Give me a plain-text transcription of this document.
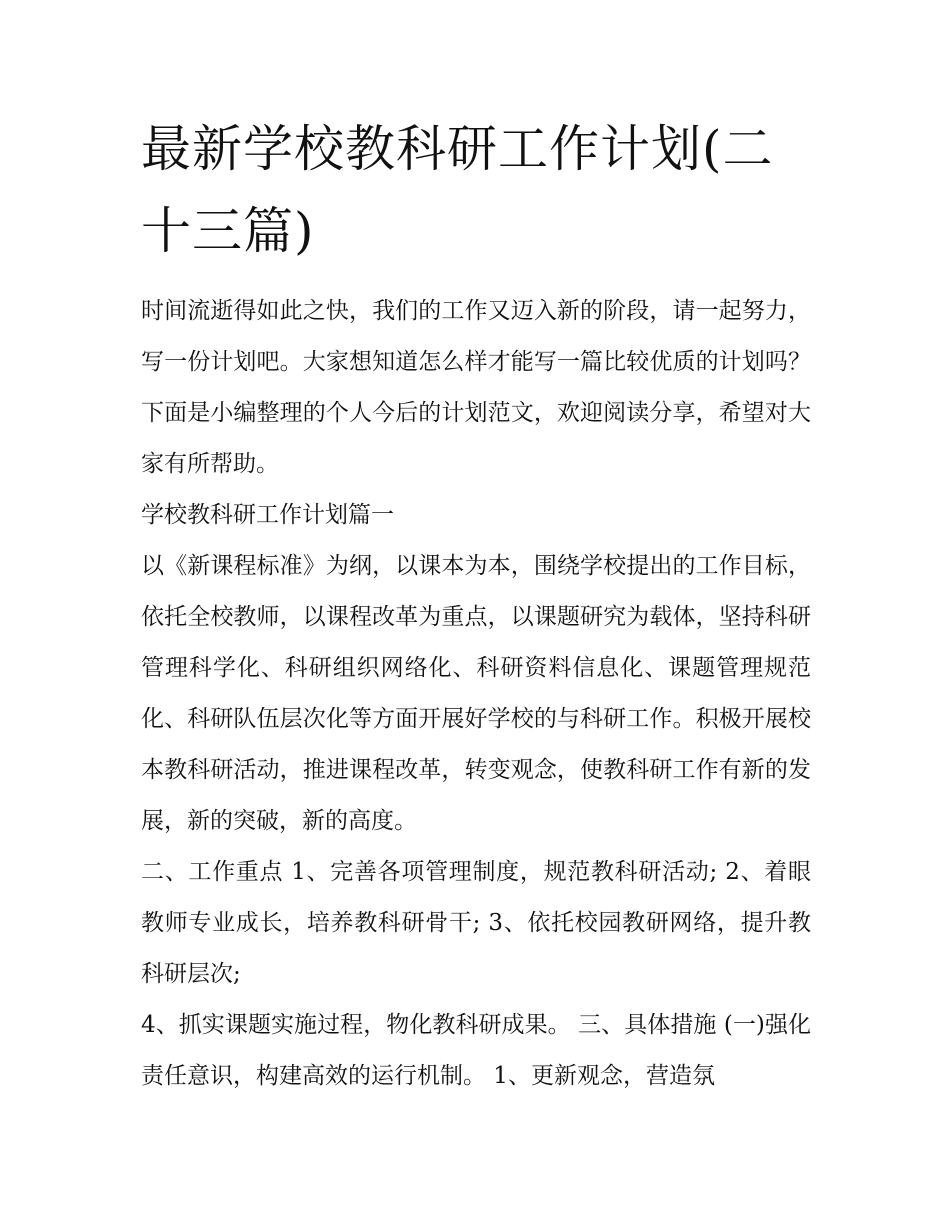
最新学校教科研工作计划(二十三篇)

时间流逝得如此之快，我们的工作又迈入新的阶段，请一起努力，写一份计划吧。大家想知道怎么样才能写一篇比较优质的计划吗？下面是小编整理的个人今后的计划范文，欢迎阅读分享，希望对大家有所帮助。

学校教科研工作计划篇一

以《新课程标准》为纲，以课本为本，围绕学校提出的工作目标，依托全校教师，以课程改革为重点，以课题研究为载体，坚持科研管理科学化、科研组织网络化、科研资料信息化、课题管理规范化、科研队伍层次化等方面开展好学校的与科研工作。积极开展校本教科研活动，推进课程改革，转变观念，使教科研工作有新的发展，新的突破，新的高度。

二、工作重点 1、完善各项管理制度，规范教科研活动; 2、着眼教师专业成长，培养教科研骨干; 3、依托校园教研网络，提升教科研层次;

4、抓实课题实施过程，物化教科研成果。 三、具体措施 (一)强化责任意识，构建高效的运行机制。 1、更新观念，营造氛
